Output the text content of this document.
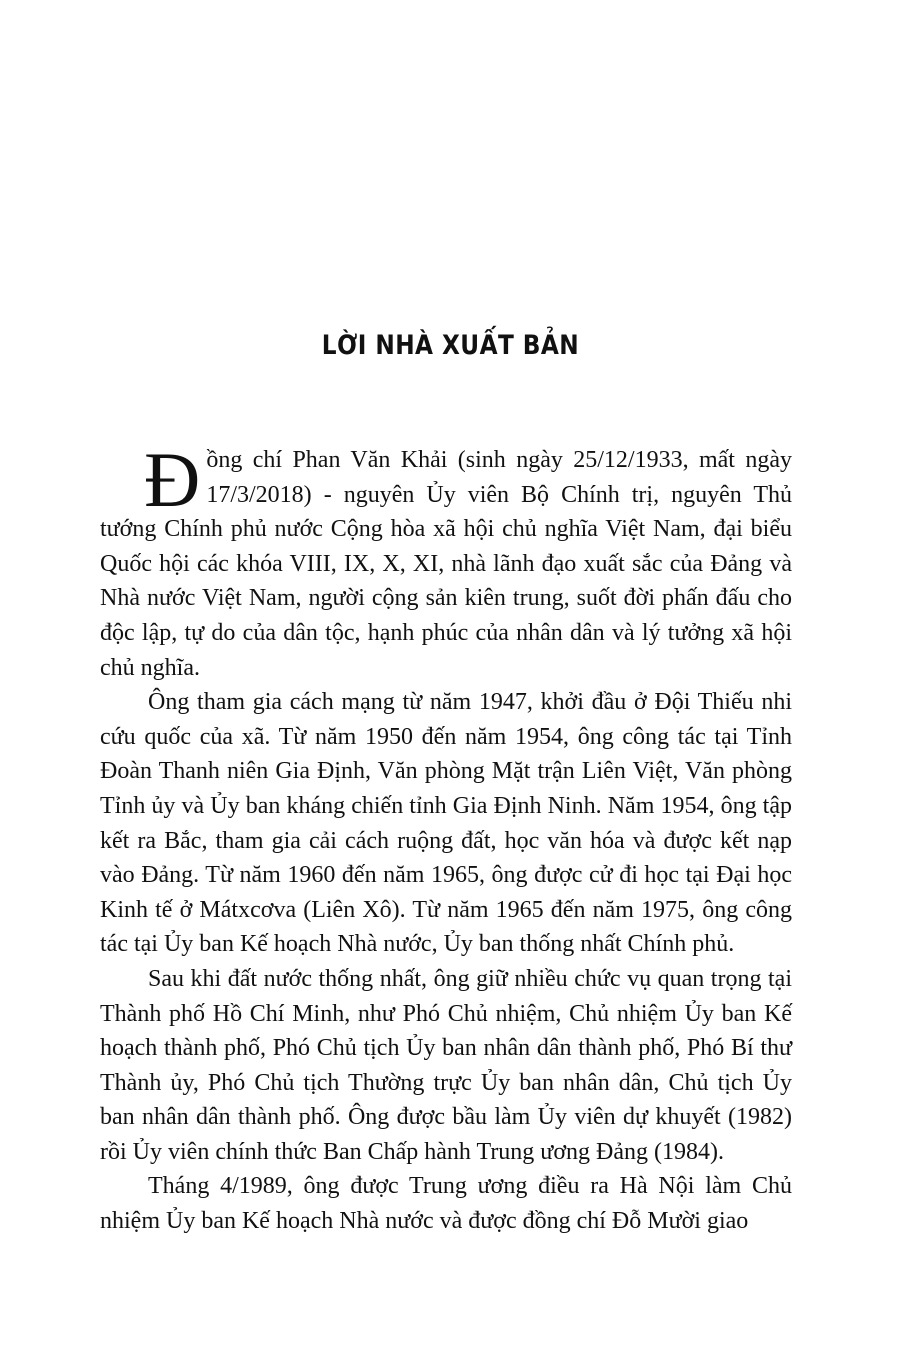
LỜI NHÀ XUẤT BẢN

Đồng chí Phan Văn Khải (sinh ngày 25/12/1933, mất ngày 17/3/2018) - nguyên Ủy viên Bộ Chính trị, nguyên Thủ tướng Chính phủ nước Cộng hòa xã hội chủ nghĩa Việt Nam, đại biểu Quốc hội các khóa VIII, IX, X, XI, nhà lãnh đạo xuất sắc của Đảng và Nhà nước Việt Nam, người cộng sản kiên trung, suốt đời phấn đấu cho độc lập, tự do của dân tộc, hạnh phúc của nhân dân và lý tưởng xã hội chủ nghĩa.

Ông tham gia cách mạng từ năm 1947, khởi đầu ở Đội Thiếu nhi cứu quốc của xã. Từ năm 1950 đến năm 1954, ông công tác tại Tỉnh Đoàn Thanh niên Gia Định, Văn phòng Mặt trận Liên Việt, Văn phòng Tỉnh ủy và Ủy ban kháng chiến tỉnh Gia Định Ninh. Năm 1954, ông tập kết ra Bắc, tham gia cải cách ruộng đất, học văn hóa và được kết nạp vào Đảng. Từ năm 1960 đến năm 1965, ông được cử đi học tại Đại học Kinh tế ở Mátxcơva (Liên Xô). Từ năm 1965 đến năm 1975, ông công tác tại Ủy ban Kế hoạch Nhà nước, Ủy ban thống nhất Chính phủ.

Sau khi đất nước thống nhất, ông giữ nhiều chức vụ quan trọng tại Thành phố Hồ Chí Minh, như Phó Chủ nhiệm, Chủ nhiệm Ủy ban Kế hoạch thành phố, Phó Chủ tịch Ủy ban nhân dân thành phố, Phó Bí thư Thành ủy, Phó Chủ tịch Thường trực Ủy ban nhân dân, Chủ tịch Ủy ban nhân dân thành phố. Ông được bầu làm Ủy viên dự khuyết (1982) rồi Ủy viên chính thức Ban Chấp hành Trung ương Đảng (1984).

Tháng 4/1989, ông được Trung ương điều ra Hà Nội làm Chủ nhiệm Ủy ban Kế hoạch Nhà nước và được đồng chí Đỗ Mười giao
